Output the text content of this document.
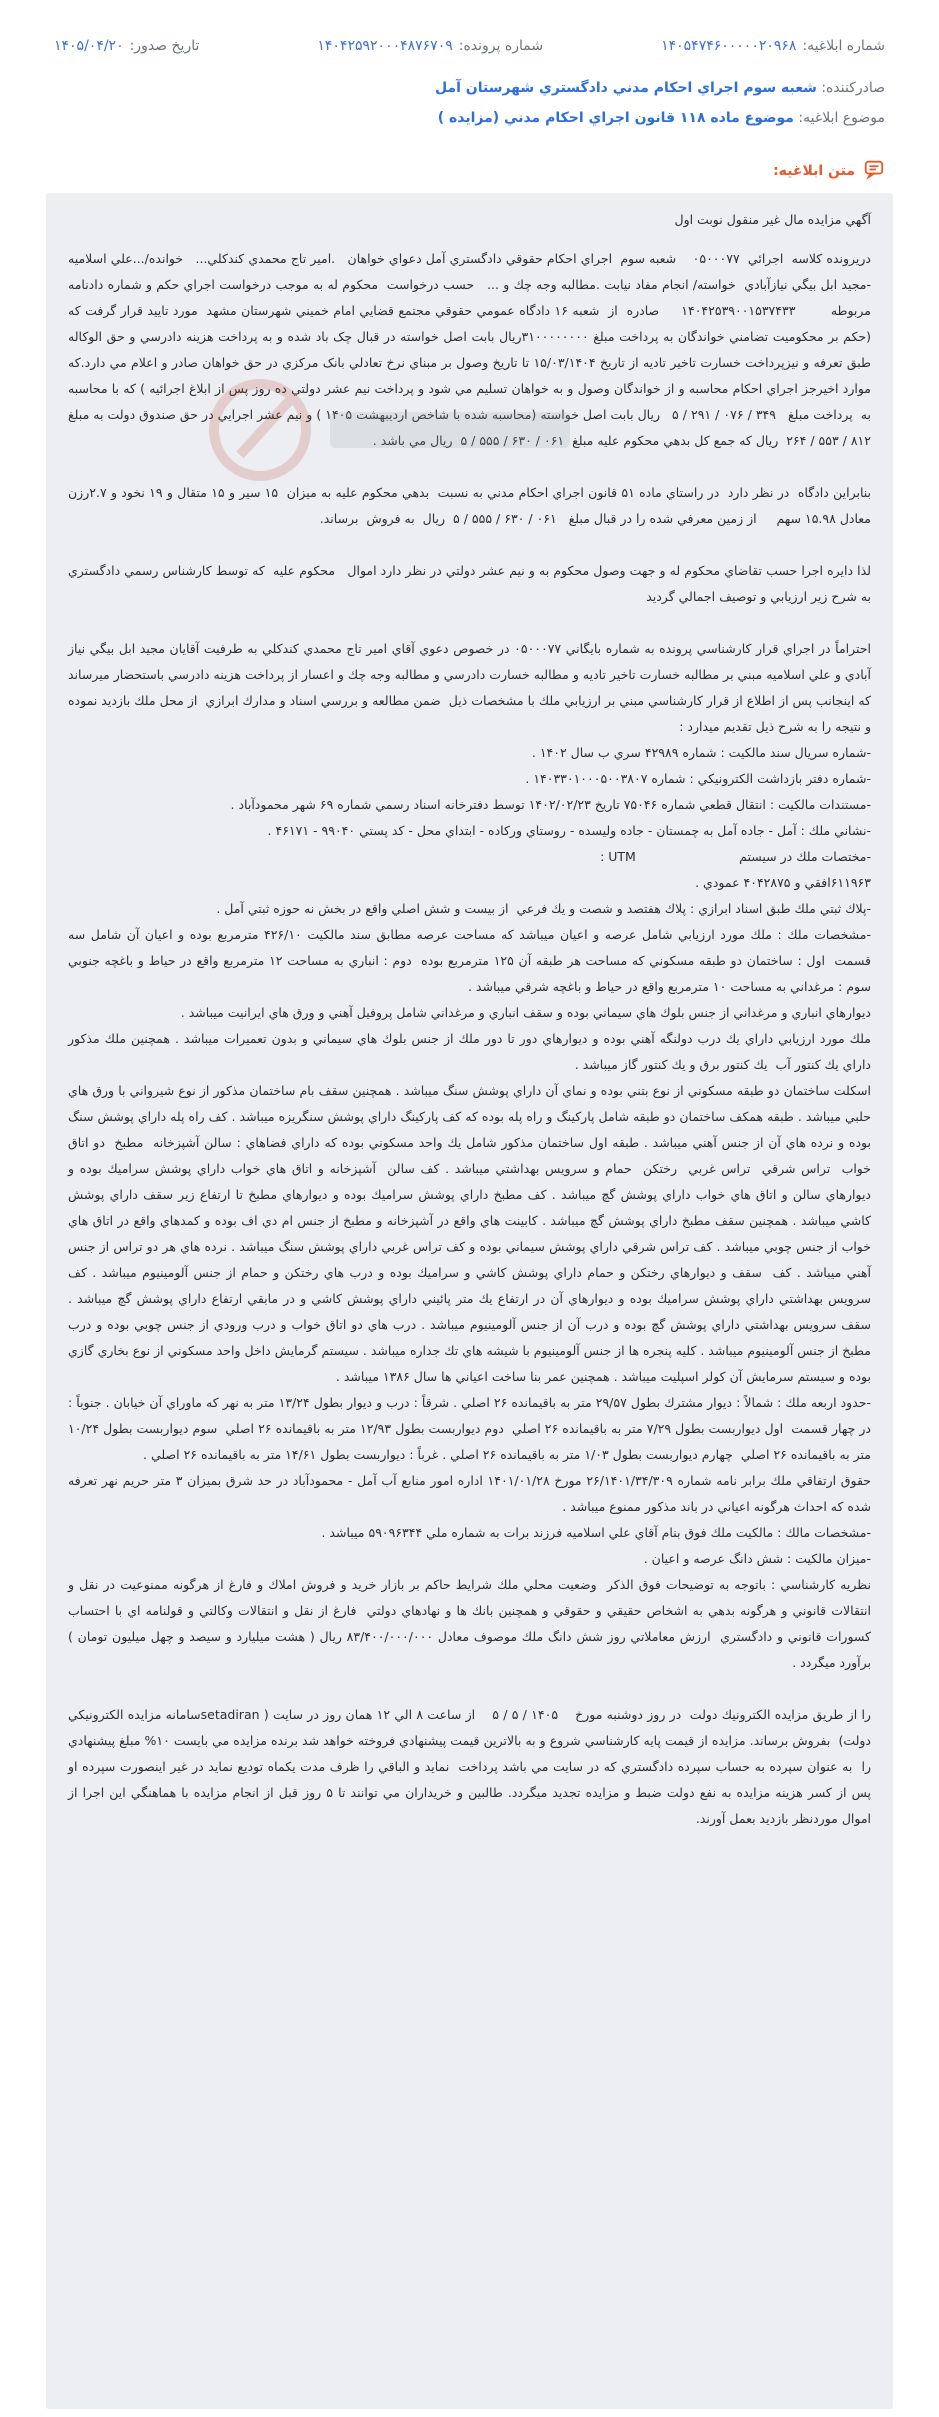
شماره ابلاغیه:
۱۴۰۵۴۷۴۶۰۰۰۰۰۲۰۹۶۸
شماره پرونده:
۱۴۰۴۲۵۹۲۰۰۰۴۸۷۶۷۰۹
تاریخ صدور:
۱۴۰۵/۰۴/۲۰
صادرکننده: شعبه سوم اجراي احكام مدني دادگستري شهرستان آمل
موضوع ابلاغیه: موضوع ماده ۱۱۸ قانون اجراي احكام مدني (مزايده )
متن ابلاغیه:

آگهي مزايده مال غير منقول نوبت اول

دريرونده كلاسه  اجرائي  ۰۵۰۰۰۷۷    شعبه سوم  اجراي احكام حقوقي دادگستري آمل دعواي خواهان   .امير تاج محمدي كندكلي...   خوانده/...علي اسلاميه -مجيد ابل بيگي نيازآبادي  خواسته/ انجام مفاد نيابت .مطالبه وجه چك و ...   حسب درخواست  محكوم له به موجب درخواست اجراي حكم و شماره دادنامه مربوطه        ۱۴۰۴۲۵۳۹۰۰۱۵۳۷۴۳۳     صادره  از  شعبه ۱۶ دادگاه عمومي حقوقي مجتمع قضايي امام خميني شهرستان مشهد  مورد تاييد قرار گرفت كه (حكم بر محكوميت تضامني خواندگان به پرداخت مبلغ ۳۱۰۰۰۰۰۰۰۰ريال بابت اصل خواسته در قبال چک باد شده و به پرداخت هزينه دادرسي و حق الوكاله طبق تعرفه و نيزپرداخت خسارت تاخير تاديه از تاريخ ۱۵/۰۳/۱۴۰۴ تا تاريخ وصول بر مبناي نرخ تعادلي بانک مركزي در حق خواهان صادر و اعلام مي دارد.كه موارد اخيرجز اجراي احكام محاسبه و از خواندگان وصول و به خواهان تسليم مي شود و پرداخت نيم عشر دولتي ده روز پس از ابلاغ اجرائيه ) كه با محاسبه  به  پرداخت مبلغ   ۳۴۹ / ۰۷۶ / ۲۹۱ / ۵   ريال بابت اصل خواسته (محاسبه شده با شاخص ارديبهشت ۱۴۰۵ ) و نيم عشر اجرايي در حق صندوق دولت به مبلغ ۸۱۲ / ۵۵۳ / ۲۶۴  ريال كه جمع كل بدهي محكوم عليه مبلغ  ۰۶۱ / ۶۳۰ / ۵۵۵ / ۵  ريال مي باشد .

بنابراين دادگاه  در نظر دارد  در راستاي ماده ۵۱ قانون اجراي احكام مدني به نسبت  بدهي محكوم عليه به ميزان  ۱۵ سير و ۱۵ متقال و ۱۹ نخود و ۲.۷رزن معادل ۱۵.۹۸ سهم     از زمين معرفي شده را در قبال مبلغ   ۰۶۱ / ۶۳۰ / ۵۵۵ / ۵  ريال  به فروش  برساند.

لذا دايره اجرا حسب تقاضاي محكوم له و جهت وصول محكوم به و نيم عشر دولتي در نظر دارد اموال   محكوم عليه  كه توسط كارشناس رسمي دادگستري به شرح زير ارزيابي و توصيف اجمالي گرديد

احتراماً در اجراي قرار كارشناسي پرونده به شماره بايگاني ۰۵۰۰۰۷۷ در خصوص دعوي آقاي امير تاج محمدي كندكلي به طرفيت آقايان مجيد ابل بيگي نياز آبادي و علي اسلاميه مبني بر مطالبه خسارت تاخير تاديه و مطالبه خسارت دادرسي و مطالبه وجه چك و اعسار از پرداخت هزينه دادرسي باستحضار ميرساند كه اينجانب پس از اطلاع از قرار كارشناسي مبني بر ارزيابي ملك با مشخصات ذيل  ضمن مطالعه و بررسي اسناد و مدارك ابرازي  از محل ملك بازديد نموده و نتيجه را به شرح ذيل تقديم ميدارد :

-شماره سريال سند مالكيت : شماره ۴۲۹۸۹ سري ب سال ۱۴۰۲ .

-شماره دفتر بازداشت الكترونيكي : شماره ۱۴۰۳۳۰۱۰۰۰۵۰۰۳۸۰۷ .

-مستندات مالكيت : انتقال قطعي شماره ۷۵۰۴۶ تاريخ ۱۴۰۲/۰۲/۲۳ توسط دفترخانه اسناد رسمي شماره ۶۹ شهر محمودآباد .

-نشاني ملك : آمل - جاده آمل به چمستان - جاده وليسده - روستاي وركاده - ابتداي محل - كد پستي ۹۹۰۴۰ - ۴۶۱۷۱ .

-مختصات ملك در سيستم                          UTM :

۶۱۱۹۶۳افقي و ۴۰۴۲۸۷۵ عمودي .

-پلاك ثبتي ملك طبق اسناد ابرازي : پلاك هفتصد و شصت و يك فرعي  از بيست و شش اصلي واقع در بخش نه حوزه ثبتي آمل .

-مشخصات ملك : ملك مورد ارزيابي شامل عرصه و اعيان ميباشد كه مساحت عرصه مطابق سند مالكيت ۴۲۶/۱۰ مترمربع بوده و اعيان آن شامل سه قسمت  اول : ساختمان دو طبقه مسكوني كه مساحت هر طبقه آن ۱۲۵ مترمربع بوده  دوم : انباري به مساحت ۱۲ مترمربع واقع در حياط و باغچه جنوبي  سوم : مرغداني به مساحت ۱۰ مترمربع واقع در حياط و باغچه شرقي ميباشد .

ديوارهاي انباري و مرغداني از جنس بلوك هاي سيماني بوده و سقف انباري و مرغداني شامل پروفيل آهني و ورق هاي ايرانيت ميباشد .

ملك مورد ارزيابي داراي يك درب دولنگه آهني بوده و ديوارهاي دور تا دور ملك از جنس بلوك هاي سيماني و بدون تعميرات ميباشد . همچنين ملك مذكور داراي يك كنتور آب  يك كنتور برق و يك كنتور گاز ميباشد .

اسكلت ساختمان دو طبقه مسكوني از نوع بتني بوده و نماي آن داراي پوشش سنگ ميباشد . همچنين سقف بام ساختمان مذكور از نوع شيرواني با ورق هاي حلبي ميباشد . طبقه همكف ساختمان دو طبقه شامل پاركينگ و راه پله بوده كه كف پاركينگ داراي پوشش سنگريزه ميباشد . كف راه پله داراي پوشش سنگ بوده و نرده هاي آن از جنس آهني ميباشد . طبقه اول ساختمان مذكور شامل يك واحد مسكوني بوده كه داراي فضاهاي : سالن آشپزخانه  مطبخ  دو اتاق خواب  تراس شرقي  تراس غربي  رختكن  حمام و سرويس بهداشتي ميباشد . كف سالن  آشپزخانه و اتاق هاي خواب داراي پوشش سراميك بوده و ديوارهاي سالن و اتاق هاي خواب داراي پوشش گچ ميباشد . كف مطبخ داراي پوشش سراميك بوده و ديوارهاي مطبخ تا ارتفاع زير سقف داراي پوشش كاشي ميباشد . همچنين سقف مطبخ داراي پوشش گچ ميباشد . كابينت هاي واقع در آشپزخانه و مطبخ از جنس ام دي اف بوده و كمدهاي واقع در اتاق هاي خواب از جنس چوبي ميباشد . كف تراس شرقي داراي پوشش سيماني بوده و كف تراس غربي داراي پوشش سنگ ميباشد . نرده هاي هر دو تراس از جنس آهني ميباشد . كف  سقف و ديوارهاي رختكن و حمام داراي پوشش كاشي و سراميك بوده و درب هاي رختكن و حمام از جنس آلومينيوم ميباشد . كف سرويس بهداشتي داراي پوشش سراميك بوده و ديوارهاي آن در ارتفاع يك متر پائيني داراي پوشش كاشي و در مابقي ارتفاع داراي پوشش گچ ميباشد . سقف سرويس بهداشتي داراي پوشش گچ بوده و درب آن از جنس آلومينيوم ميباشد . درب هاي دو اتاق خواب و درب ورودي از جنس چوبي بوده و درب مطبخ از جنس آلومينيوم ميباشد . كليه پنجره ها از جنس آلومينيوم با شيشه هاي تك جداره ميباشد . سيستم گرمايش داخل واحد مسكوني از نوع بخاري گازي بوده و سيستم سرمايش آن كولر اسپليت ميباشد . همچنين عمر بنا ساخت اعياني ها سال ۱۳۸۶ ميباشد .

-حدود اربعه ملك : شمالاً : ديوار مشترك بطول ۲۹/۵۷ متر به باقيمانده ۲۶ اصلي . شرقاً : درب و ديوار بطول ۱۳/۲۴ متر به نهر كه ماوراي آن خيابان . جنوباً : در چهار قسمت  اول ديواربست بطول ۷/۲۹ متر به باقيمانده ۲۶ اصلي  دوم ديواربست بطول ۱۲/۹۳ متر به باقيمانده ۲۶ اصلي  سوم ديواربست بطول ۱۰/۲۴ متر به باقيمانده ۲۶ اصلي  چهارم ديواربست بطول ۱/۰۳ متر به باقيمانده ۲۶ اصلي . غرباً : ديواربست بطول ۱۴/۶۱ متر به باقيمانده ۲۶ اصلي .

حقوق ارتفاقي ملك برابر نامه شماره ۲۶/۱۴۰۱/۳۴/۳۰۹ مورخ ۱۴۰۱/۰۱/۲۸ اداره امور منابع آب آمل - محمودآباد در حد شرق بميزان ۳ متر حريم نهر تعرفه شده كه احداث هرگونه اعياني در باند مذكور ممنوع ميباشد .

-مشخصات مالك : مالكيت ملك فوق بنام آقاي علي اسلاميه فرزند برات به شماره ملي ۵۹۰۹۶۳۴۴ ميباشد .

-ميزان مالكيت : شش دانگ عرصه و اعيان .

نظريه كارشناسي : باتوجه به توضيحات فوق الذكر  وضعيت محلي ملك شرايط حاكم بر بازار خريد و فروش املاك و فارغ از هرگونه ممنوعيت در نقل و انتقالات قانوني و هرگونه بدهي به اشخاص حقيقي و حقوقي و همچنين بانك ها و نهادهاي دولتي  فارغ از نقل و انتقالات وكالتي و قولنامه اي با احتساب كسورات قانوني و دادگستري  ارزش معاملاتي روز شش دانگ ملك موصوف معادل ۸۳/۴۰۰/۰۰۰/۰۰۰ ريال ( هشت ميليارد و سيصد و چهل ميليون تومان ) برآورد ميگردد .

را از طريق مزايده الكترونيك دولت  در روز دوشنبه مورخ    ۱۴۰۵ / ۵ / ۵    از ساعت ۸ الي ۱۲ همان روز در سايت ( setadiranسامانه مزايده الكترونيكي دولت)  بفروش برساند. مزايده از قيمت پايه كارشناسي شروع و به بالاترين قيمت پيشنهادي فروخته خواهد شد برنده مزايده مي بايست ۱۰% مبلغ پيشنهادي را  به عنوان سپرده به حساب سپرده دادگستري كه در سايت مي باشد پرداخت  نمايد و الباقي را ظرف مدت يكماه توديع نمايد در غير اينصورت سپرده او پس از كسر هزينه مزايده به نفع دولت ضبط و مزايده تجديد ميگردد. طالبين و خريداران مي توانند تا ۵ روز قبل از انجام مزايده با هماهنگي اين اجرا از اموال موردنظر بازديد بعمل آورند.
